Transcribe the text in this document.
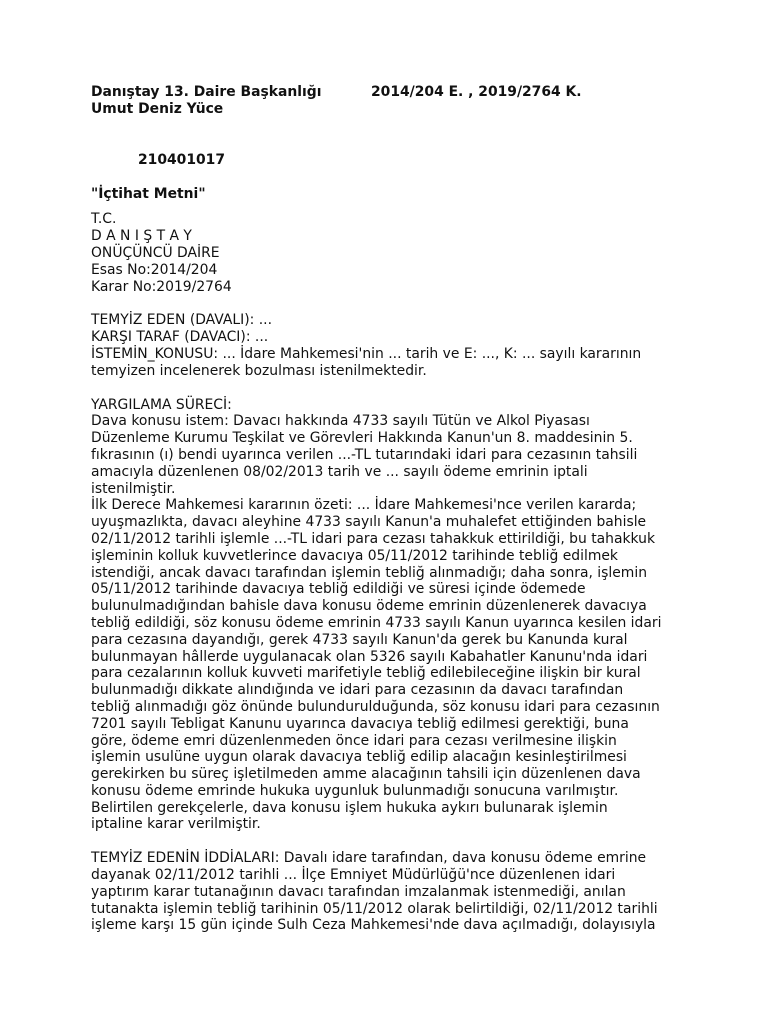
Danıştay 13. Daire Başkanlığı	2014/204 E. , 2019/2764 K.
Umut Deniz Yüce
210401017
"İçtihat Metni"
T.C.
D A N I Ş T A Y
ONÜÇÜNCÜ DAİRE
Esas No:2014/204
Karar No:2019/2764
TEMYİZ EDEN (DAVALI): ...
KARŞI TARAF (DAVACI): ...
İSTEMİN_KONUSU: ... İdare Mahkemesi'nin ... tarih ve E: ..., K: ... sayılı kararının
temyizen incelenerek bozulması istenilmektedir.
YARGILAMA SÜRECİ:
Dava konusu istem: Davacı hakkında 4733 sayılı Tütün ve Alkol Piyasası
Düzenleme Kurumu Teşkilat ve Görevleri Hakkında Kanun'un 8. maddesinin 5.
fıkrasının (ı) bendi uyarınca verilen ...-TL tutarındaki idari para cezasının tahsili
amacıyla düzenlenen 08/02/2013 tarih ve ... sayılı ödeme emrinin iptali
istenilmiştir.
İlk Derece Mahkemesi kararının özeti: ... İdare Mahkemesi'nce verilen kararda;
uyuşmazlıkta, davacı aleyhine 4733 sayılı Kanun'a muhalefet ettiğinden bahisle
02/11/2012 tarihli işlemle ...-TL idari para cezası tahakkuk ettirildiği, bu tahakkuk
işleminin kolluk kuvvetlerince davacıya 05/11/2012 tarihinde tebliğ edilmek
istendiği, ancak davacı tarafından işlemin tebliğ alınmadığı; daha sonra, işlemin
05/11/2012 tarihinde davacıya tebliğ edildiği ve süresi içinde ödemede
bulunulmadığından bahisle dava konusu ödeme emrinin düzenlenerek davacıya
tebliğ edildiği, söz konusu ödeme emrinin 4733 sayılı Kanun uyarınca kesilen idari
para cezasına dayandığı, gerek 4733 sayılı Kanun'da gerek bu Kanunda kural
bulunmayan hâllerde uygulanacak olan 5326 sayılı Kabahatler Kanunu'nda idari
para cezalarının kolluk kuvveti marifetiyle tebliğ edilebileceğine ilişkin bir kural
bulunmadığı dikkate alındığında ve idari para cezasının da davacı tarafından
tebliğ alınmadığı göz önünde bulundurulduğunda, söz konusu idari para cezasının
7201 sayılı Tebligat Kanunu uyarınca davacıya tebliğ edilmesi gerektiği, buna
göre, ödeme emri düzenlenmeden önce idari para cezası verilmesine ilişkin
işlemin usulüne uygun olarak davacıya tebliğ edilip alacağın kesinleştirilmesi
gerekirken bu süreç işletilmeden amme alacağının tahsili için düzenlenen dava
konusu ödeme emrinde hukuka uygunluk bulunmadığı sonucuna varılmıştır.
Belirtilen gerekçelerle, dava konusu işlem hukuka aykırı bulunarak işlemin
iptaline karar verilmiştir.
TEMYİZ EDENİN İDDİALARI: Davalı idare tarafından, dava konusu ödeme emrine
dayanak 02/11/2012 tarihli ... İlçe Emniyet Müdürlüğü'nce düzenlenen idari
yaptırım karar tutanağının davacı tarafından imzalanmak istenmediği, anılan
tutanakta işlemin tebliğ tarihinin 05/11/2012 olarak belirtildiği, 02/11/2012 tarihli
işleme karşı 15 gün içinde Sulh Ceza Mahkemesi'nde dava açılmadığı, dolayısıyla
